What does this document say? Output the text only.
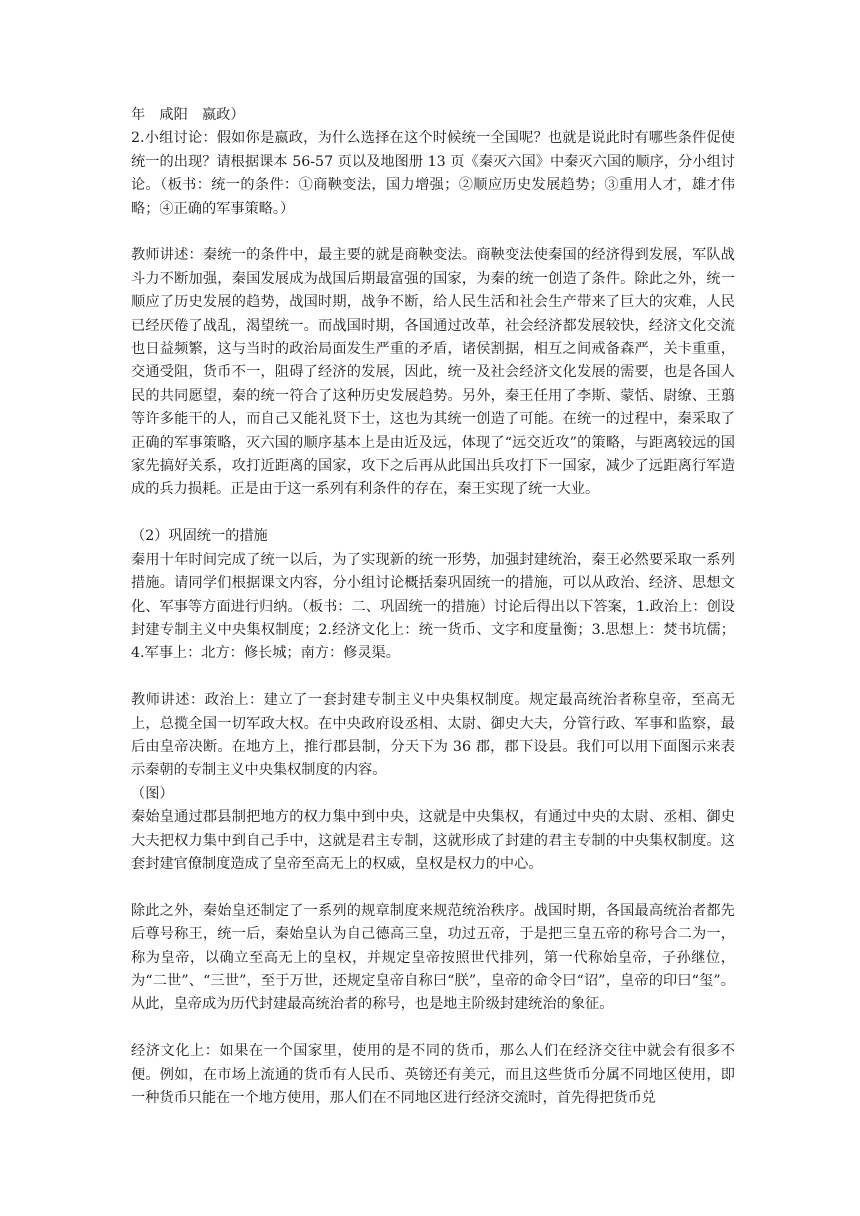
年　咸阳　嬴政）

2.小组讨论：假如你是嬴政，为什么选择在这个时候统一全国呢？也就是说此时有哪些条件促使统一的出现？请根据课本 56-57 页以及地图册 13 页《秦灭六国》中秦灭六国的顺序，分小组讨论。（板书：统一的条件：①商鞅变法，国力增强；②顺应历史发展趋势；③重用人才，雄才伟略；④正确的军事策略。）

教师讲述：秦统一的条件中，最主要的就是商鞅变法。商鞅变法使秦国的经济得到发展，军队战斗力不断加强，秦国发展成为战国后期最富强的国家，为秦的统一创造了条件。除此之外，统一顺应了历史发展的趋势，战国时期，战争不断，给人民生活和社会生产带来了巨大的灾难，人民已经厌倦了战乱，渴望统一。而战国时期，各国通过改革，社会经济都发展较快，经济文化交流也日益频繁，这与当时的政治局面发生严重的矛盾，诸侯割据，相互之间戒备森严，关卡重重，交通受阻，货币不一，阻碍了经济的发展，因此，统一及社会经济文化发展的需要，也是各国人民的共同愿望，秦的统一符合了这种历史发展趋势。另外，秦王任用了李斯、蒙恬、尉缭、王翦等许多能干的人，而自己又能礼贤下士，这也为其统一创造了可能。在统一的过程中，秦采取了正确的军事策略，灭六国的顺序基本上是由近及远，体现了“远交近攻”的策略，与距离较远的国家先搞好关系，攻打近距离的国家，攻下之后再从此国出兵攻打下一国家，减少了远距离行军造成的兵力损耗。正是由于这一系列有利条件的存在，秦王实现了统一大业。

（2）巩固统一的措施

秦用十年时间完成了统一以后，为了实现新的统一形势，加强封建统治，秦王必然要采取一系列措施。请同学们根据课文内容，分小组讨论概括秦巩固统一的措施，可以从政治、经济、思想文化、军事等方面进行归纳。（板书：二、巩固统一的措施）讨论后得出以下答案，1.政治上：创设封建专制主义中央集权制度；2.经济文化上：统一货币、文字和度量衡；3.思想上：焚书坑儒；4.军事上：北方：修长城；南方：修灵渠。

教师讲述：政治上：建立了一套封建专制主义中央集权制度。规定最高统治者称皇帝，至高无上，总揽全国一切军政大权。在中央政府设丞相、太尉、御史大夫，分管行政、军事和监察，最后由皇帝决断。在地方上，推行郡县制，分天下为 36 郡，郡下设县。我们可以用下面图示来表示秦朝的专制主义中央集权制度的内容。

（图）

秦始皇通过郡县制把地方的权力集中到中央，这就是中央集权，有通过中央的太尉、丞相、御史大夫把权力集中到自己手中，这就是君主专制，这就形成了封建的君主专制的中央集权制度。这套封建官僚制度造成了皇帝至高无上的权威，皇权是权力的中心。

除此之外，秦始皇还制定了一系列的规章制度来规范统治秩序。战国时期，各国最高统治者都先后尊号称王，统一后，秦始皇认为自己德高三皇，功过五帝，于是把三皇五帝的称号合二为一，称为皇帝，以确立至高无上的皇权，并规定皇帝按照世代排列，第一代称始皇帝，子孙继位，为“二世”、“三世”，至于万世，还规定皇帝自称曰“朕”，皇帝的命令曰“诏”，皇帝的印曰“玺”。从此，皇帝成为历代封建最高统治者的称号，也是地主阶级封建统治的象征。

经济文化上：如果在一个国家里，使用的是不同的货币，那么人们在经济交往中就会有很多不便。例如，在市场上流通的货币有人民币、英镑还有美元，而且这些货币分属不同地区使用，即一种货币只能在一个地方使用，那人们在不同地区进行经济交流时，首先得把货币兑
